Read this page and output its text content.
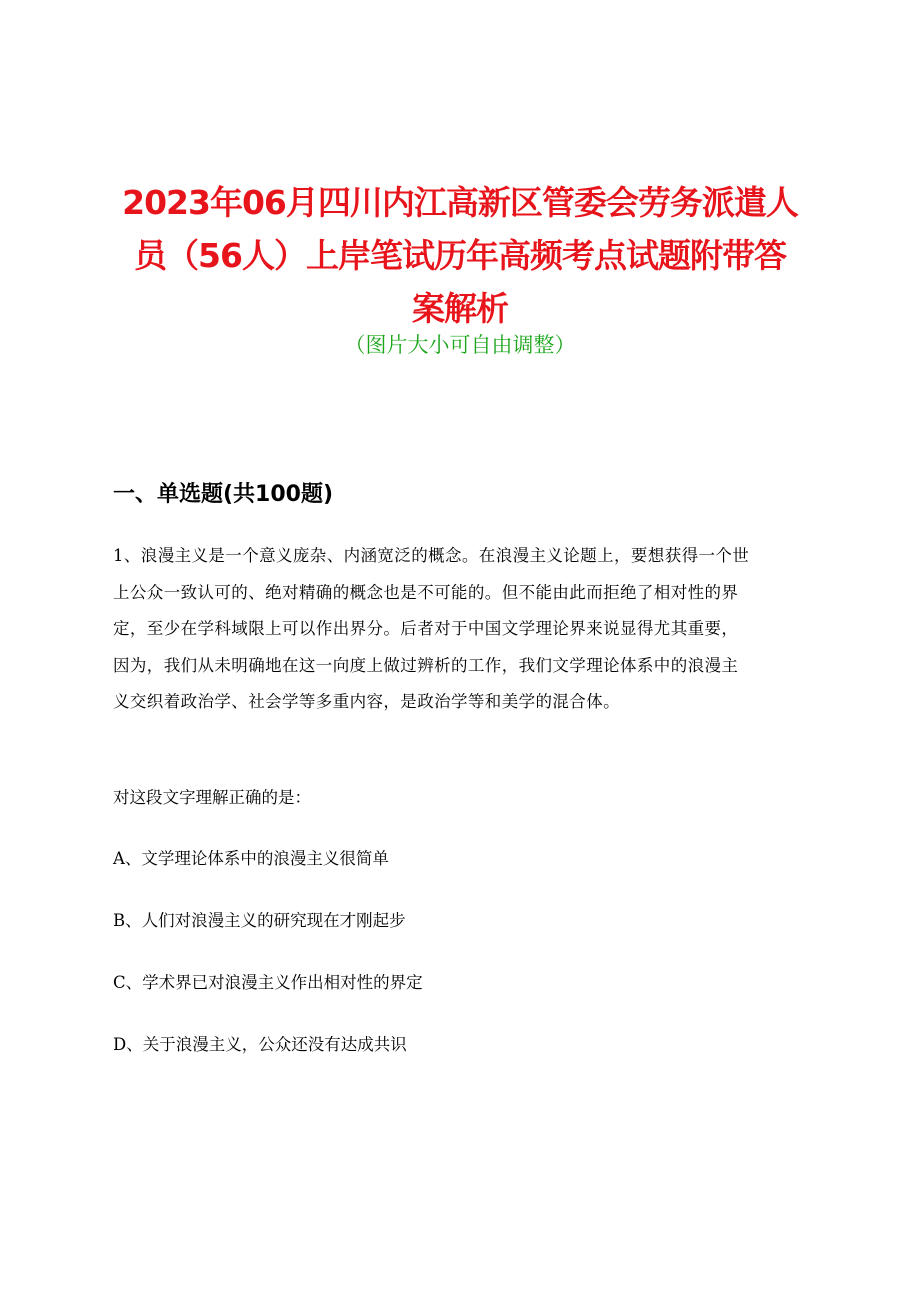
2023年06月四川内江高新区管委会劳务派遣人
员（56人）上岸笔试历年高频考点试题附带答
案解析
（图片大小可自由调整）
一、单选题(共100题)
1、浪漫主义是一个意义庞杂、内涵宽泛的概念。在浪漫主义论题上，要想获得一个世
上公众一致认可的、绝对精确的概念也是不可能的。但不能由此而拒绝了相对性的界
定，至少在学科域限上可以作出界分。后者对于中国文学理论界来说显得尤其重要，
因为，我们从未明确地在这一向度上做过辨析的工作，我们文学理论体系中的浪漫主
义交织着政治学、社会学等多重内容，是政治学等和美学的混合体。
对这段文字理解正确的是：
A、文学理论体系中的浪漫主义很简单
B、人们对浪漫主义的研究现在才刚起步
C、学术界已对浪漫主义作出相对性的界定
D、关于浪漫主义，公众还没有达成共识
